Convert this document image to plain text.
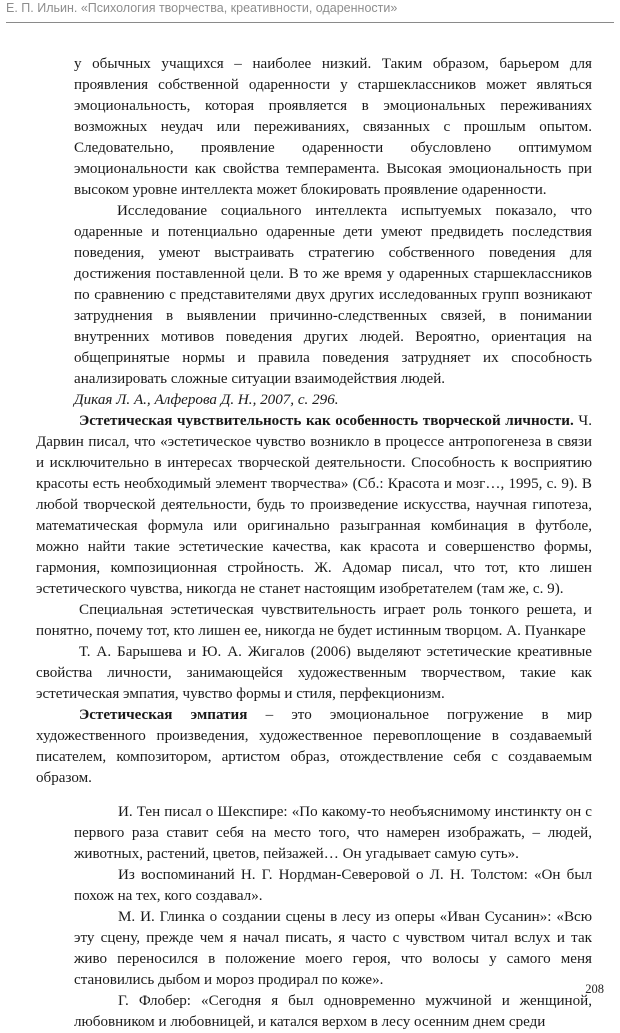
Е. П. Ильин. «Психология творчества, креативности, одаренности»

у обычных учащихся – наиболее низкий. Таким образом, барьером для проявления собственной одаренности у старшеклассников может являться эмоциональность, которая проявляется в эмоциональных переживаниях возможных неудач или переживаниях, связанных с прошлым опытом. Следовательно, проявление одаренности обусловлено оптимумом эмоциональности как свойства темперамента. Высокая эмоциональность при высоком уровне интеллекта может блокировать проявление одаренности.

Исследование социального интеллекта испытуемых показало, что одаренные и потенциально одаренные дети умеют предвидеть последствия поведения, умеют выстраивать стратегию собственного поведения для достижения поставленной цели. В то же время у одаренных старшеклассников по сравнению с представителями двух других исследованных групп возникают затруднения в выявлении причинно-следственных связей, в понимании внутренних мотивов поведения других людей. Вероятно, ориентация на общепринятые нормы и правила поведения затрудняет их способность анализировать сложные ситуации взаимодействия людей.

Дикая Л. А., Алферова Д. Н., 2007, с. 296.

Эстетическая чувствительность как особенность творческой личности. Ч. Дарвин писал, что «эстетическое чувство возникло в процессе антропогенеза в связи и исключительно в интересах творческой деятельности. Способность к восприятию красоты есть необходимый элемент творчества» (Сб.: Красота и мозг…, 1995, с. 9). В любой творческой деятельности, будь то произведение искусства, научная гипотеза, математическая формула или оригинально разыгранная комбинация в футболе, можно найти такие эстетические качества, как красота и совершенство формы, гармония, композиционная стройность. Ж. Адомар писал, что тот, кто лишен эстетического чувства, никогда не станет настоящим изобретателем (там же, с. 9).

Специальная эстетическая чувствительность играет роль тонкого решета, и понятно, почему тот, кто лишен ее, никогда не будет истинным творцом. А. Пуанкаре

Т. А. Барышева и Ю. А. Жигалов (2006) выделяют эстетические креативные свойства личности, занимающейся художественным творчеством, такие как эстетическая эмпатия, чувство формы и стиля, перфекционизм.

Эстетическая эмпатия – это эмоциональное погружение в мир художественного произведения, художественное перевоплощение в создаваемый писателем, композитором, артистом образ, отождествление себя с создаваемым образом.

И. Тен писал о Шекспире: «По какому-то необъяснимому инстинкту он с первого раза ставит себя на место того, что намерен изображать, – людей, животных, растений, цветов, пейзажей… Он угадывает самую суть».

Из воспоминаний Н. Г. Нордман-Северовой о Л. Н. Толстом: «Он был похож на тех, кого создавал».

М. И. Глинка о создании сцены в лесу из оперы «Иван Сусанин»: «Всю эту сцену, прежде чем я начал писать, я часто с чувством читал вслух и так живо переносился в положение моего героя, что волосы у самого меня становились дыбом и мороз продирал по коже».

Г. Флобер: «Сегодня я был одновременно мужчиной и женщиной, любовником и любовницей, и катался верхом в лесу осенним днем среди

208
